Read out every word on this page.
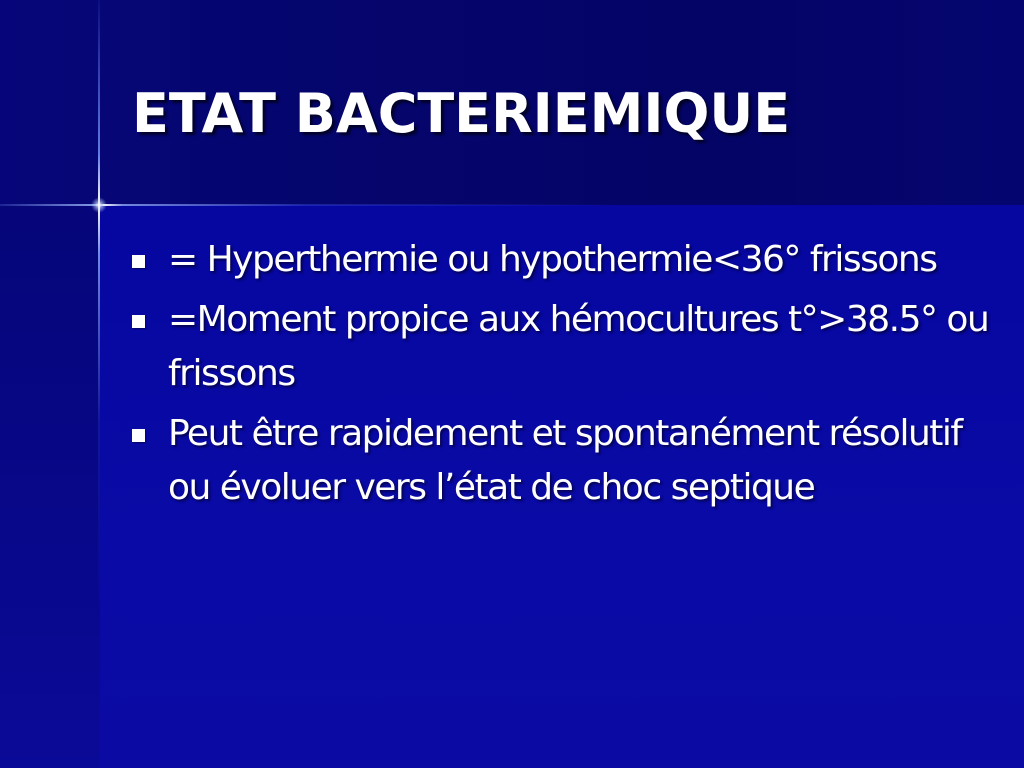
ETAT BACTERIEMIQUE
= Hyperthermie ou hypothermie<36° frissons
=Moment propice aux hémocultures t°>38.5° ou frissons
Peut être rapidement et spontanément résolutif ou évoluer vers l’état de choc septique
